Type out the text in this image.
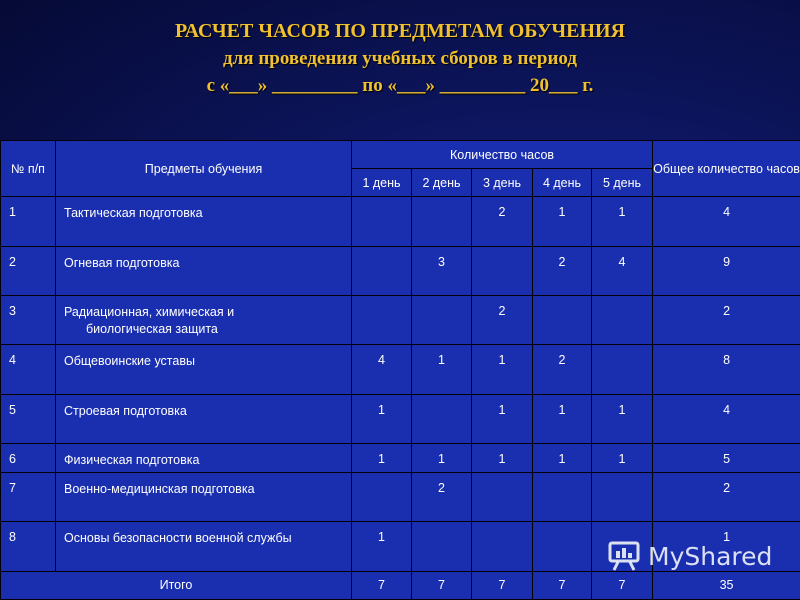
РАСЧЕТ ЧАСОВ ПО ПРЕДМЕТАМ ОБУЧЕНИЯ
для проведения учебных сборов в период
с «___» _________ по «___» _________ 20___ г.
№ п/п	Предметы обучения	Количество часов					Общее количество часов
		1 день	2 день	3 день	4 день	5 день	
1	Тактическая подготовка			2	1	1	4
2	Огневая подготовка		3		2	4	9
3	Радиационная, химическая и
биологическая защита			2			2
4	Общевоинские уставы	4	1	1	2		8
5	Строевая подготовка	1		1	1	1	4
6	Физическая подготовка	1	1	1	1	1	5
7	Военно-медицинская подготовка		2				2
8	Основы безопасности военной службы	1					1
Итого		7	7	7	7	7	35
MyShared
